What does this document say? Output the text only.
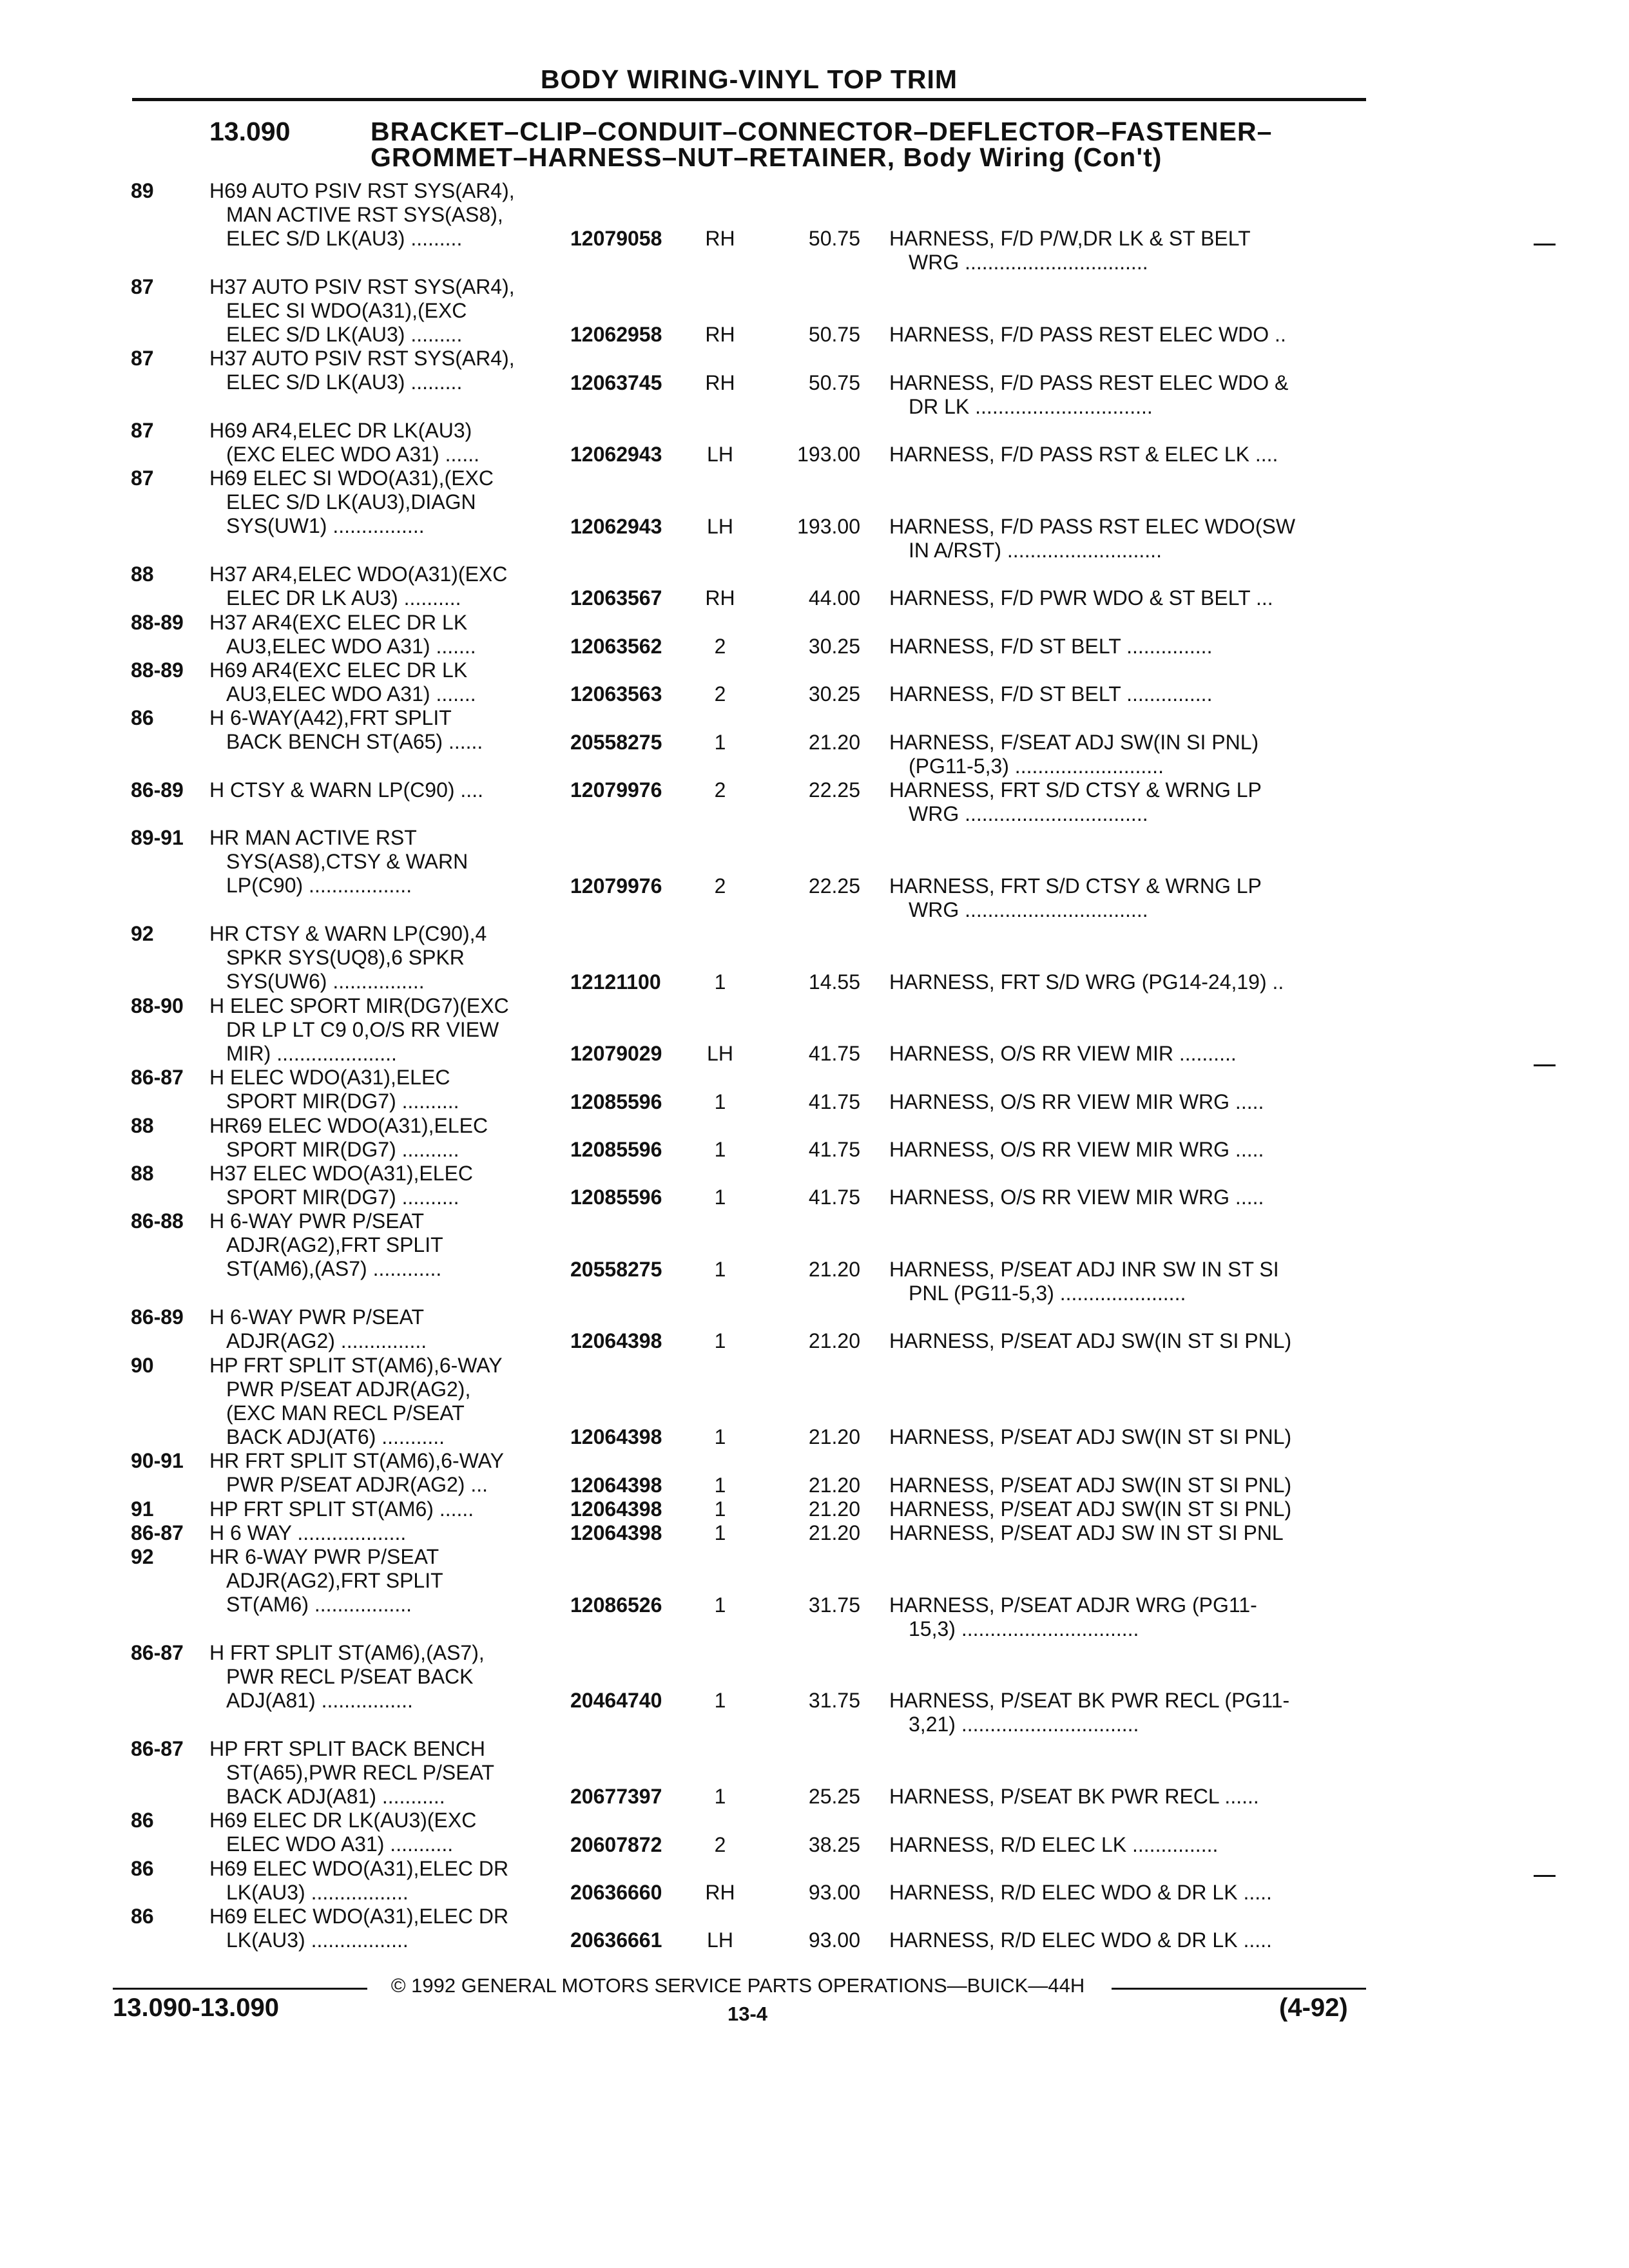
BODY WIRING-VINYL TOP TRIM
13.090	BRACKET–CLIP–CONDUIT–CONNECTOR–DEFLECTOR–FASTENER–
GROMMET–HARNESS–NUT–RETAINER, Body Wiring (Con't)
89	H69 AUTO PSIV RST SYS(AR4),
MAN ACTIVE RST SYS(AS8),
ELEC S/D LK(AU3) .........	12079058	RH	50.75 HARNESS, F/D P/W,DR LK & ST BELT
WRG ................................
87	H37 AUTO PSIV RST SYS(AR4),
ELEC SI WDO(A31),(EXC
ELEC S/D LK(AU3) .........	12062958	RH	50.75 HARNESS, F/D PASS REST ELEC WDO ..
87	H37 AUTO PSIV RST SYS(AR4),
ELEC S/D LK(AU3) .........	12063745	RH	50.75 HARNESS, F/D PASS REST ELEC WDO &
DR LK ...............................
87	H69 AR4,ELEC DR LK(AU3)
(EXC ELEC WDO A31) ......	12062943	LH	193.00 HARNESS, F/D PASS RST & ELEC LK ....
87	H69 ELEC SI WDO(A31),(EXC
ELEC S/D LK(AU3),DIAGN
SYS(UW1) ................	12062943	LH	193.00 HARNESS, F/D PASS RST ELEC WDO(SW
IN A/RST) ...........................
88	H37 AR4,ELEC WDO(A31)(EXC
ELEC DR LK AU3) ..........	12063567	RH	44.00 HARNESS, F/D PWR WDO & ST BELT ...
88-89 H37 AR4(EXC ELEC DR LK
AU3,ELEC WDO A31) .......	12063562	2	30.25 HARNESS, F/D ST BELT ...............
88-89 H69 AR4(EXC ELEC DR LK
AU3,ELEC WDO A31) .......	12063563	2	30.25 HARNESS, F/D ST BELT ...............
86	H 6-WAY(A42),FRT SPLIT
BACK BENCH ST(A65) ......	20558275	1	21.20 HARNESS, F/SEAT ADJ SW(IN SI PNL)
(PG11-5,3) ..........................
86-89 H CTSY & WARN LP(C90) ....	12079976	2	22.25 HARNESS, FRT S/D CTSY & WRNG LP
WRG ................................
89-91 HR MAN ACTIVE RST
SYS(AS8),CTSY & WARN
LP(C90) ..................	12079976	2	22.25 HARNESS, FRT S/D CTSY & WRNG LP
WRG ................................
92	HR CTSY & WARN LP(C90),4
SPKR SYS(UQ8),6 SPKR
SYS(UW6) ................	12121100	1	14.55 HARNESS, FRT S/D WRG (PG14-24,19) ..
88-90 H ELEC SPORT MIR(DG7)(EXC
DR LP LT C9 0,O/S RR VIEW
MIR) .....................	12079029	LH	41.75 HARNESS, O/S RR VIEW MIR ..........
86-87 H ELEC WDO(A31),ELEC
SPORT MIR(DG7) ..........	12085596	1	41.75 HARNESS, O/S RR VIEW MIR WRG .....
88	HR69 ELEC WDO(A31),ELEC
SPORT MIR(DG7) ..........	12085596	1	41.75 HARNESS, O/S RR VIEW MIR WRG .....
88	H37 ELEC WDO(A31),ELEC
SPORT MIR(DG7) ..........	12085596	1	41.75 HARNESS, O/S RR VIEW MIR WRG .....
86-88 H 6-WAY PWR P/SEAT
ADJR(AG2),FRT SPLIT
ST(AM6),(AS7) ............	20558275	1	21.20 HARNESS, P/SEAT ADJ INR SW IN ST SI
PNL (PG11-5,3) ......................
86-89 H 6-WAY PWR P/SEAT
ADJR(AG2) ...............	12064398	1	21.20 HARNESS, P/SEAT ADJ SW(IN ST SI PNL)
90	HP FRT SPLIT ST(AM6),6-WAY
PWR P/SEAT ADJR(AG2),
(EXC MAN RECL P/SEAT
BACK ADJ(AT6) ...........	12064398	1	21.20 HARNESS, P/SEAT ADJ SW(IN ST SI PNL)
90-91 HR FRT SPLIT ST(AM6),6-WAY
PWR P/SEAT ADJR(AG2) ...	12064398	1	21.20 HARNESS, P/SEAT ADJ SW(IN ST SI PNL)
91	HP FRT SPLIT ST(AM6) ......	12064398	1	21.20 HARNESS, P/SEAT ADJ SW(IN ST SI PNL)
86-87 H 6 WAY ...................	12064398	1	21.20 HARNESS, P/SEAT ADJ SW IN ST SI PNL
92	HR 6-WAY PWR P/SEAT
ADJR(AG2),FRT SPLIT
ST(AM6) .................	12086526	1	31.75 HARNESS, P/SEAT ADJR WRG (PG11-
15,3) ...............................
86-87 H FRT SPLIT ST(AM6),(AS7),
PWR RECL P/SEAT BACK
ADJ(A81) ................	20464740	1	31.75 HARNESS, P/SEAT BK PWR RECL (PG11-
3,21) ...............................
86-87 HP FRT SPLIT BACK BENCH
ST(A65),PWR RECL P/SEAT
BACK ADJ(A81) ...........	20677397	1	25.25 HARNESS, P/SEAT BK PWR RECL ......
86	H69 ELEC DR LK(AU3)(EXC
ELEC WDO A31) ...........	20607872	2	38.25 HARNESS, R/D ELEC LK ...............
86	H69 ELEC WDO(A31),ELEC DR
LK(AU3) .................	20636660	RH	93.00 HARNESS, R/D ELEC WDO & DR LK .....
86	H69 ELEC WDO(A31),ELEC DR
LK(AU3) .................	20636661	LH	93.00 HARNESS, R/D ELEC WDO & DR LK .....
© 1992 GENERAL MOTORS SERVICE PARTS OPERATIONS—BUICK—44H
13.090-13.090	13-4	(4-92)
